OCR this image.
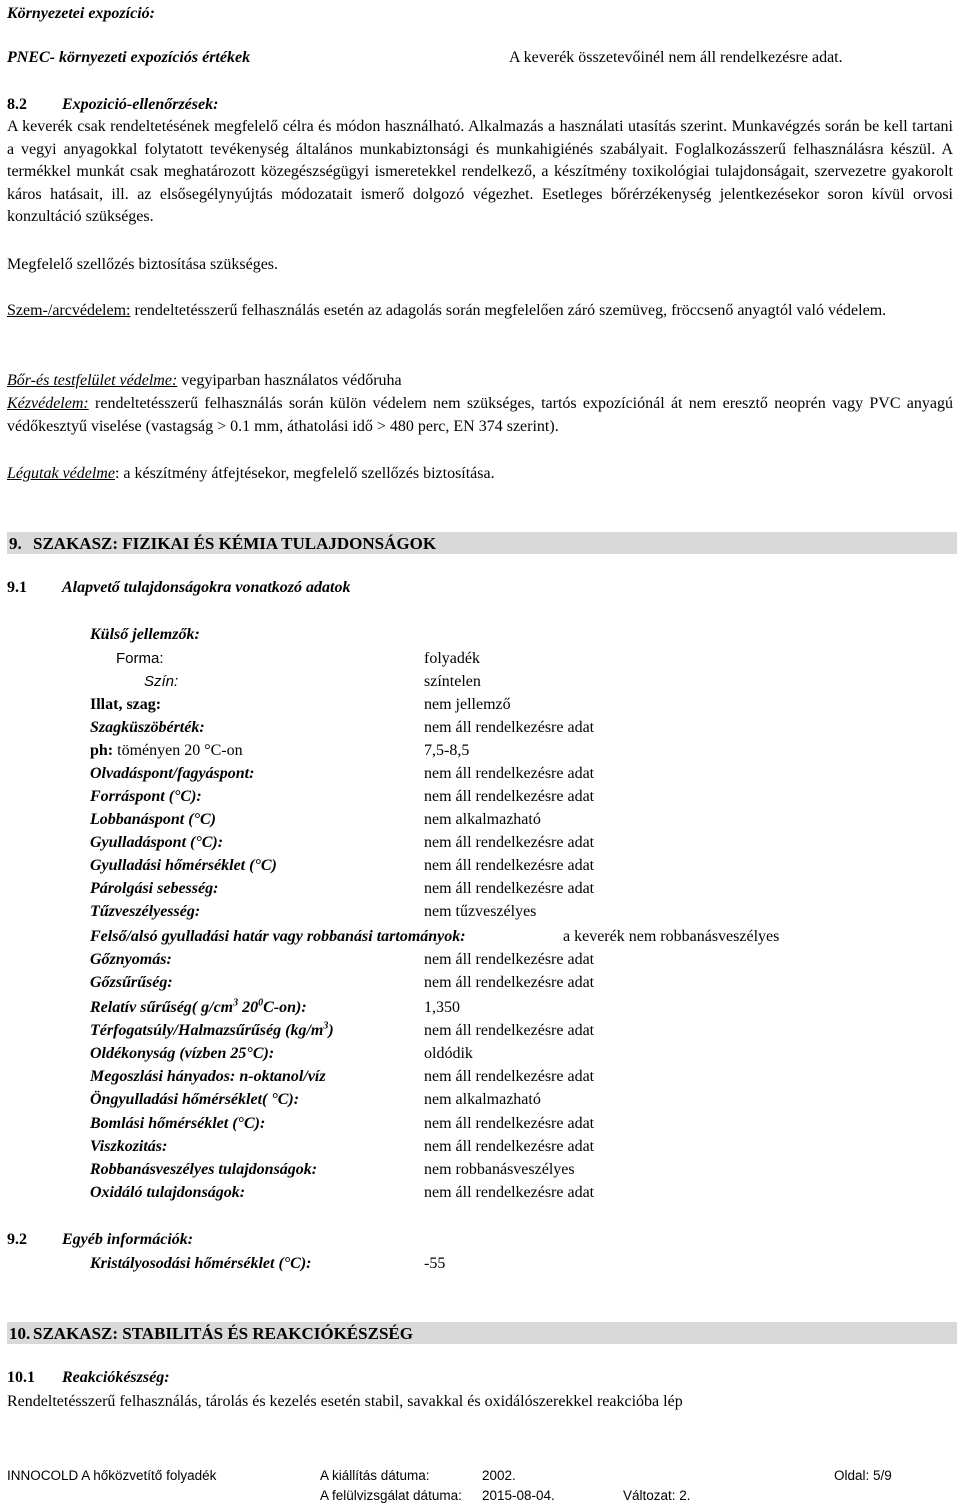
Környezetei expozíció:
PNEC- környezeti expozíciós értékek	A keverék összetevőinél nem áll rendelkezésre adat.
8.2 Expozició-ellenőrzések:
A keverék csak rendeltetésének megfelelő célra és módon használható. Alkalmazás a használati utasítás szerint. Munkavégzés során be kell tartani a vegyi anyagokkal folytatott tevékenység általános munkabiztonsági és munkahigiénés szabályait. Foglalkozásszerű felhasználásra készül. A termékkel munkát csak meghatározott közegészségügyi ismeretekkel rendelkező, a készítmény toxikológiai tulajdonságait, szervezetre gyakorolt káros hatásait, ill. az elsősegélynyújtás módozatait ismerő dolgozó végezhet. Esetleges bőrérzékenység jelentkezésekor soron kívül orvosi konzultáció szükséges.
Megfelelő szellőzés biztosítása szükséges.
Szem-/arcvédelem: rendeltetésszerű felhasználás esetén az adagolás során megfelelően záró szemüveg, fröccsenő anyagtól való védelem.
Bőr-és testfelület védelme: vegyiparban használatos védőruha
Kézvédelem: rendeltetésszerű felhasználás során külön védelem nem szükséges, tartós expozíciónál át nem eresztő neoprén vagy PVC anyagú védőkesztyű viselése (vastagság > 0.1 mm, áthatolási idő > 480 perc, EN 374 szerint).
Légutak védelme: a készítmény átfejtésekor, megfelelő szellőzés biztosítása.
9. SZAKASZ: FIZIKAI ÉS KÉMIA TULAJDONSÁGOK
9.1 Alapvető tulajdonságokra vonatkozó adatok
Külső jellemzők:
Forma:	folyadék
Szín:	színtelen
Illat, szag:	nem jellemző
Szagküszöbérték:	nem áll rendelkezésre adat
ph: töményen 20 °C-on	7,5-8,5
Olvadáspont/fagyáspont:	nem áll rendelkezésre adat
Forráspont (°C):	nem áll rendelkezésre adat
Lobbanáspont (°C)	nem alkalmazható
Gyulladáspont (°C):	nem áll rendelkezésre adat
Gyulladási hőmérséklet (°C)	nem áll rendelkezésre adat
Párolgási sebesség:	nem áll rendelkezésre adat
Tűzveszélyesség:	nem tűzveszélyes
Felső/alsó gyulladási határ vagy robbanási tartományok:	a keverék nem robbanásveszélyes
Gőznyomás:	nem áll rendelkezésre adat
Gőzsűrűség:	nem áll rendelkezésre adat
Relatív sűrűség( $g/cm^3$ $20^0C-on$):	1,350
Térfogatsúly/Halmazsűrűség $(kg/m^3)$	nem áll rendelkezésre adat
Oldékonyság (vízben 25°C):	oldódik
Megoszlási hányados: n-oktanol/víz	nem áll rendelkezésre adat
Öngyulladási hőmérséklet( °C):	nem alkalmazható
Bomlási hőmérséklet (°C):	nem áll rendelkezésre adat
Viszkozitás:	nem áll rendelkezésre adat
Robbanásveszélyes tulajdonságok:	nem robbanásveszélyes
Oxidáló tulajdonságok:	nem áll rendelkezésre adat
9.2 Egyéb információk:
Kristályosodási hőmérséklet (°C):	-55
10. SZAKASZ: STABILITÁS ÉS REAKCIÓKÉSZSÉG
10.1 Reakciókészség:
Rendeltetésszerű felhasználás, tárolás és kezelés esetén stabil, savakkal és oxidálószerekkel reakcióba lép
INNOCOLD A hőközvetítő folyadék	A kiállítás dátuma:	2002.	Oldal: 5/9
A felülvizsgálat dátuma: 2015-08-04.	Változat: 2.
